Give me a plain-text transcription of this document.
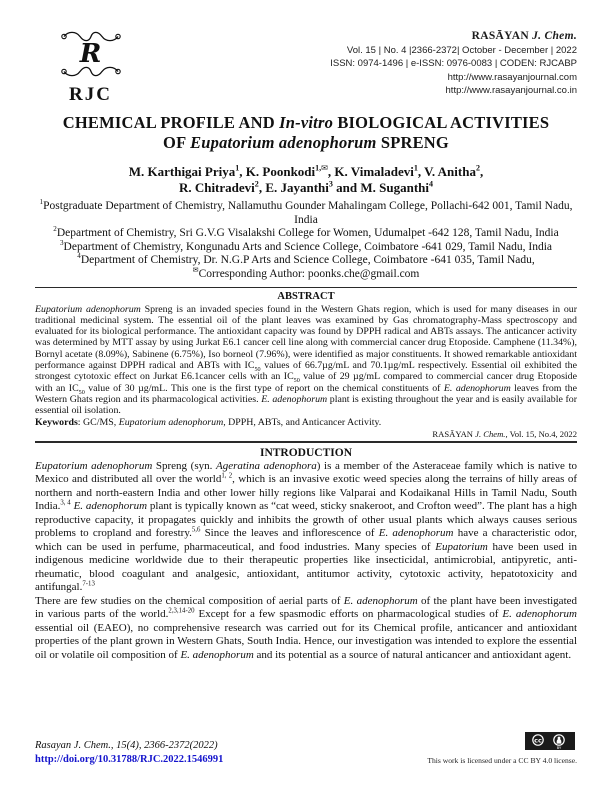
R
RJC
RASĀYAN J. Chem.
Vol. 15 | No. 4 |2366-2372| October - December | 2022
ISSN: 0974-1496 | e-ISSN: 0976-0083 | CODEN: RJCABP
http://www.rasayanjournal.com
http://www.rasayanjournal.co.in
CHEMICAL PROFILE AND In-vitro BIOLOGICAL ACTIVITIES
OF Eupatorium adenophorum SPRENG
M. Karthigai Priya$^1$, K. Poonkodi$^{1,✉}$, K. Vimaladevi$^1$, V. Anitha$^2$,
R. Chitradevi$^2$, E. Jayanthi$^3$ and M. Suganthi$^4$
$^1$Postgraduate Department of Chemistry, Nallamuthu Gounder Mahalingam College, Pollachi-642 001, Tamil Nadu, India
$^2$Department of Chemistry, Sri G.V.G Visalakshi College for Women, Udumalpet -642 128, Tamil Nadu, India
$^3$Department of Chemistry, Kongunadu Arts and Science College, Coimbatore -641 029, Tamil Nadu, India
$^4$Department of Chemistry, Dr. N.G.P Arts and Science College, Coimbatore -641 035, Tamil Nadu,
✉Corresponding Author: poonks.che@gmail.com
ABSTRACT
Eupatorium adenophorum Spreng is an invaded species found in the Western Ghats region, which is used for many diseases in our traditional medicinal system. The essential oil of the plant leaves was examined by Gas chromatography-Mass spectroscopy and evaluated for its biological performance. The antioxidant capacity was found by DPPH radical and ABTs assays. The anticancer activity was determined by MTT assay by using Jurkat E6.1 cancer cell line along with commercial cancer drug Etoposide. Camphene (11.34%), Bornyl acetate (8.09%), Sabinene (6.75%), Iso borneol (7.96%), were identified as major constituents. It showed remarkable antioxidant performance against DPPH radical and ABTs with $IC_{50}$ values of 66.7µg/mL and 70.1µg/mL respectively. Essential oil exhibited the strongest cytotoxic effect on Jurkat E6.1cancer cells with an $IC_{50}$ value of 29 µg/mL compared to commercial cancer drug Etoposide with an $IC_{50}$ value of 30 µg/mL. This one is the first type of report on the chemical constituents of E. adenophorum leaves from the Western Ghats region and its pharmacological activities. E. adenophorum plant is existing throughout the year and is easily available for essential oil isolation.
Keywords: GC/MS, Eupatorium adenophorum, DPPH, ABTs, and Anticancer Activity.
RASĀYAN J. Chem., Vol. 15, No.4, 2022
INTRODUCTION

Eupatorium adenophorum Spreng (syn. Ageratina adenophora) is a member of the Asteraceae family which is native to Mexico and distributed all over the world$^{1, 2}$, which is an invasive exotic weed species along the terrains of hilly areas of northern and north-eastern India and other lower hilly regions like Valparai and Kodaikanal Hills in Tamil Nadu, South India.$^{3, 4}$ E. adenophorum plant is typically known as “cat weed, sticky snakeroot, and Crofton weed”. The plant has a high reproductive capacity, it propagates quickly and inhibits the growth of other usual plants which always causes serious problems to cropland and forestry.$^{5,6}$ Since the leaves and inflorescence of E. adenophorum have a characteristic odor, which can be used in perfume, pharmaceutical, and food industries. Many species of Eupatorium have been used in indigenous medicine worldwide due to their therapeutic properties like insecticidal, antimicrobial, antipyretic, anti-rheumatic, blood coagulant and analgesic, antioxidant, antitumor activity, cytotoxic activity, hepatotoxicity and antifungal.$^{7-13}$

There are few studies on the chemical composition of aerial parts of E. adenophorum of the plant have been investigated in various parts of the world.$^{2,3,14-20}$ Except for a few spasmodic efforts on pharmacological studies of E. adenophorum essential oil (EAEO), no comprehensive research was carried out for its Chemical profile, anticancer and antioxidant properties of the plant grown in Western Ghats, South India. Hence, our investigation was intended to explore the essential oil or volatile oil composition of E. adenophorum and its potential as a source of natural anticancer and antioxidant agent.

Rasayan J. Chem., 15(4), 2366-2372(2022)
http://doi.org/10.31788/RJC.2022.1546991
cc
BY
This work is licensed under a CC BY 4.0 license.
